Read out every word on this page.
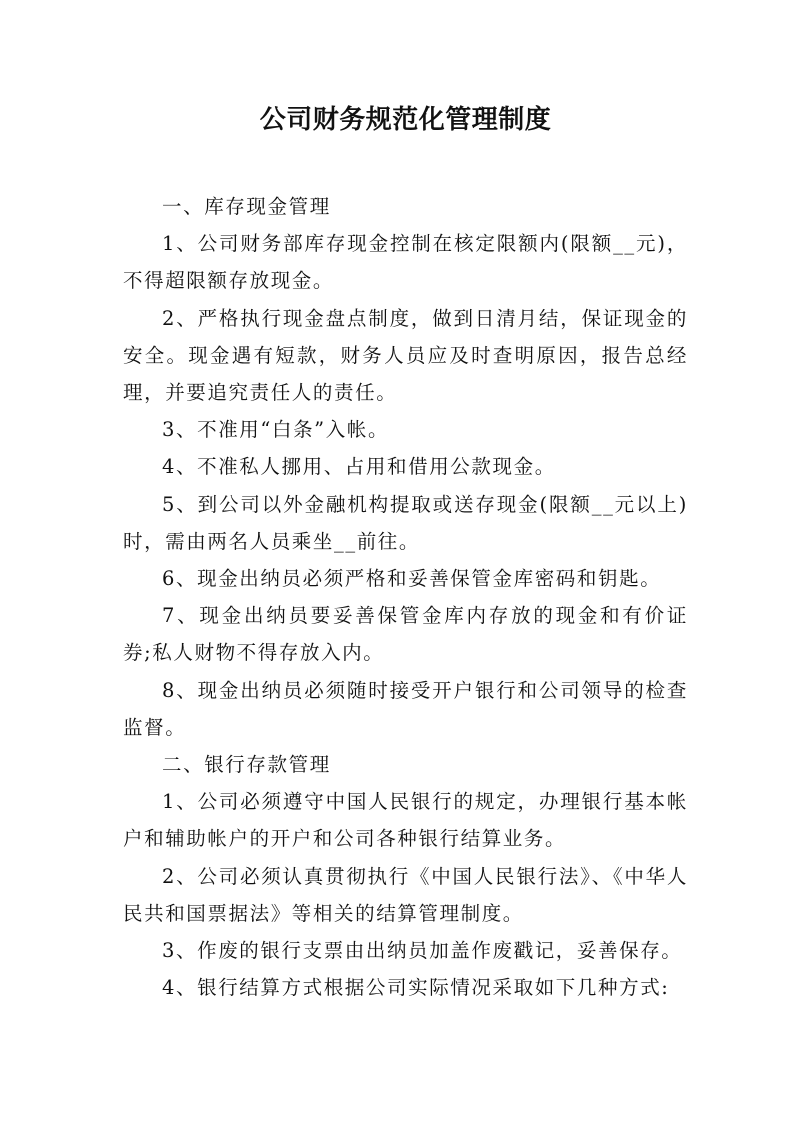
公司财务规范化管理制度

一、库存现金管理

1、公司财务部库存现金控制在核定限额内(限额__元)，不得超限额存放现金。

2、严格执行现金盘点制度，做到日清月结，保证现金的安全。现金遇有短款，财务人员应及时查明原因，报告总经理，并要追究责任人的责任。

3、不准用“白条”入帐。

4、不准私人挪用、占用和借用公款现金。

5、到公司以外金融机构提取或送存现金(限额__元以上)时，需由两名人员乘坐__前往。

6、现金出纳员必须严格和妥善保管金库密码和钥匙。

7、现金出纳员要妥善保管金库内存放的现金和有价证券;私人财物不得存放入内。

8、现金出纳员必须随时接受开户银行和公司领导的检查监督。

二、银行存款管理

1、公司必须遵守中国人民银行的规定，办理银行基本帐户和辅助帐户的开户和公司各种银行结算业务。

2、公司必须认真贯彻执行《中国人民银行法》、《中华人民共和国票据法》等相关的结算管理制度。

3、作废的银行支票由出纳员加盖作废戳记，妥善保存。

4、银行结算方式根据公司实际情况采取如下几种方式:
